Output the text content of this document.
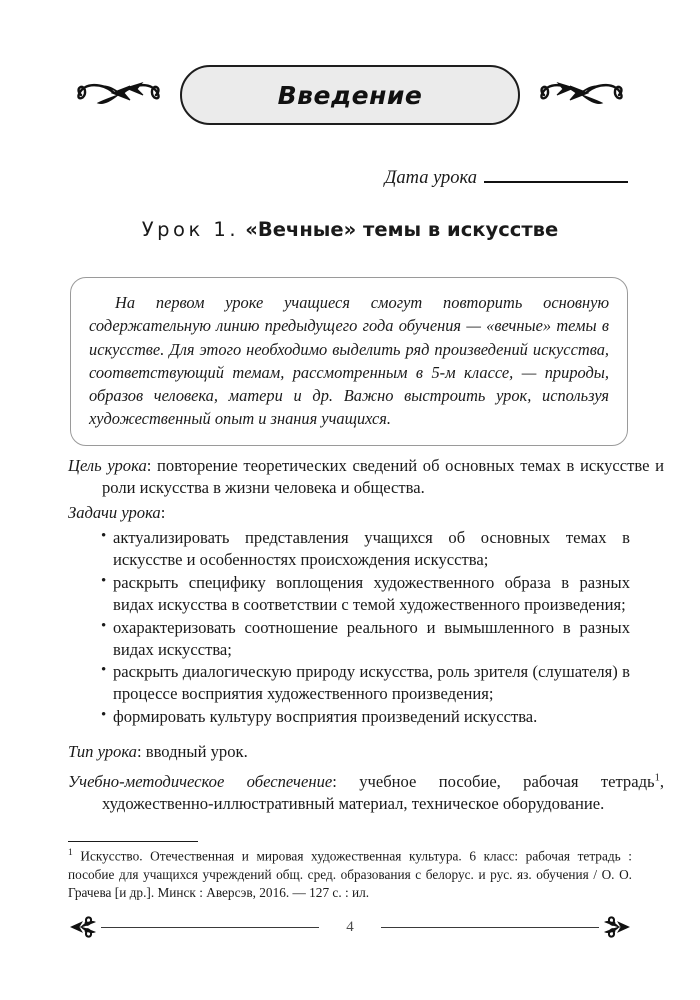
Введение
Дата урока
Урок 1. «Вечные» темы в искусстве

На первом уроке учащиеся смогут повторить основную содержательную линию предыдущего года обучения — «вечные» темы в искусстве. Для этого необходимо выделить ряд произведений искусства, соответствующий темам, рассмотренным в 5-м классе, — природы, образов человека, матери и др. Важно выстроить урок, используя художественный опыт и знания учащихся.

Цель урока: повторение теоретических сведений об основных темах в искусстве и роли искусства в жизни человека и общества.
Задачи урока:
• актуализировать представления учащихся об основных темах в искусстве и особенностях происхождения искусства;
• раскрыть специфику воплощения художественного образа в разных видах искусства в соответствии с темой художественного произведения;
• охарактеризовать соотношение реального и вымышленного в разных видах искусства;
• раскрыть диалогическую природу искусства, роль зрителя (слушателя) в процессе восприятия художественного произведения;
• формировать культуру восприятия произведений искусства.
Тип урока: вводный урок.
Учебно-методическое обеспечение: учебное пособие, рабочая тетрадь$^1$, художественно-иллюстративный материал, техническое оборудование.
$^1$ Искусство. Отечественная и мировая художественная культура. 6 класс: рабочая тетрадь : пособие для учащихся учреждений общ. сред. образования с белорус. и рус. яз. обучения / О. О. Грачева [и др.]. Минск : Аверсэв, 2016. — 127 с. : ил.
4
